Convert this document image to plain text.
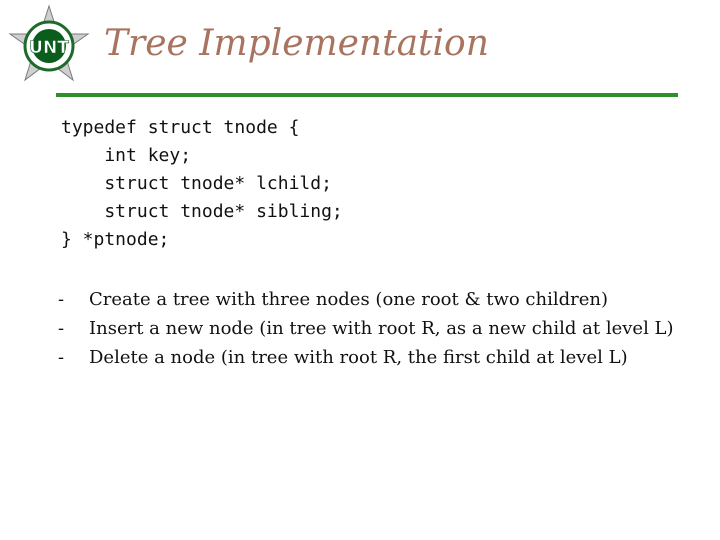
UNT Tree Implementation
typedef struct tnode {
int key;
struct tnode* lchild;
struct tnode* sibling;
} *ptnode;
- Create a tree with three nodes (one root & two children)
- Insert a new node (in tree with root R, as a new child at level L)
- Delete a node (in tree with root R, the first child at level L)
